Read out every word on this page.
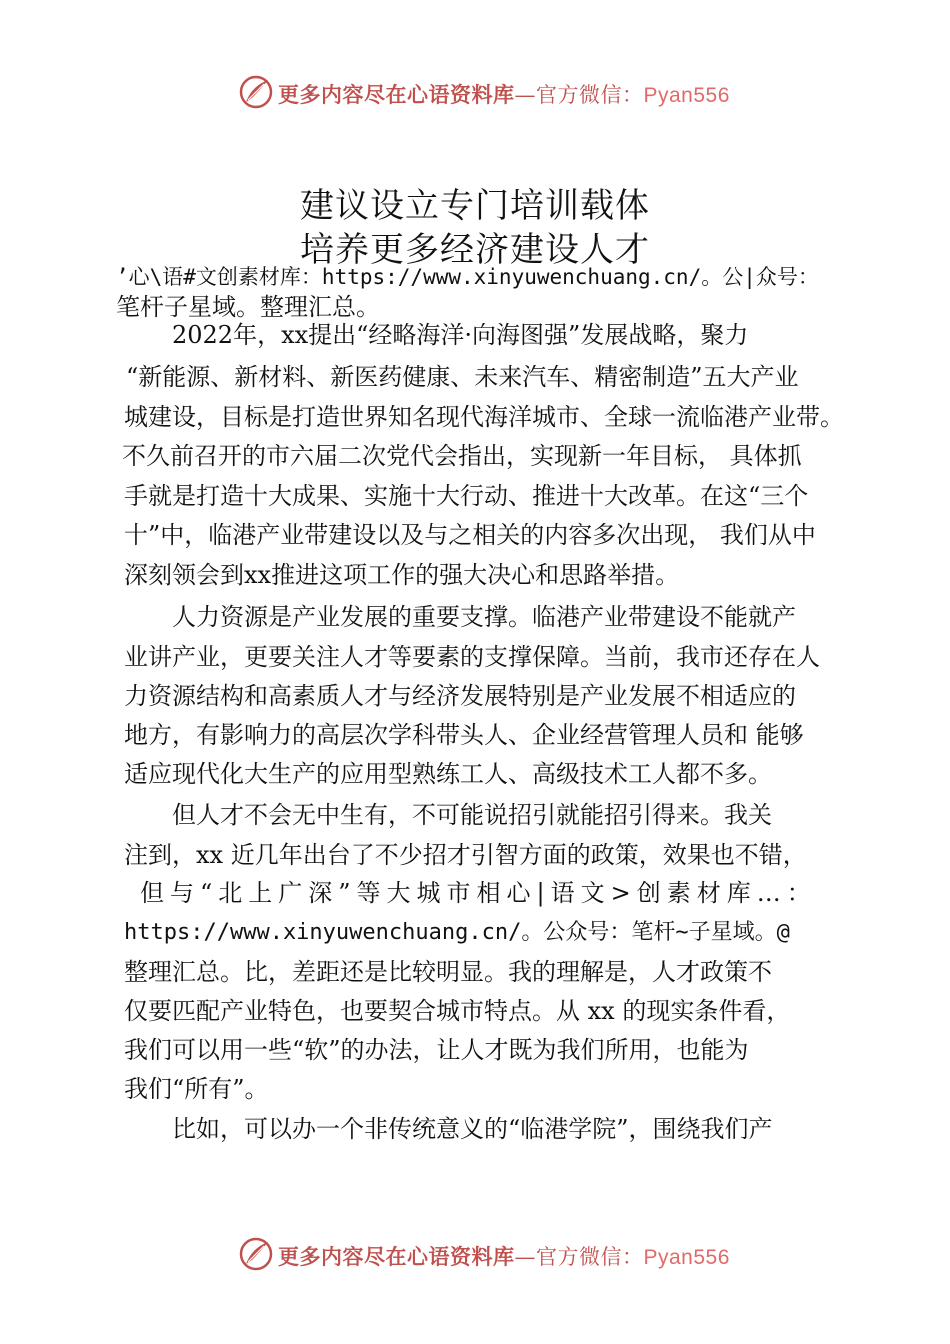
更多内容尽在心语资料库—官方微信：Pyan556
建议设立专门培训载体
培养更多经济建设人才
’心\语#文创素材库：https://www.xinyuwenchuang.cn/。公|众号：
笔杆子星域。整理汇总。
2022年，xx提出“经略海洋·向海图强”发展战略，聚力
“新能源、新材料、新医药健康、未来汽车、精密制造”五大产业
城建设，目标是打造世界知名现代海洋城市、全球一流临港产业带。
不久前召开的市六届二次党代会指出，实现新一年目标， 具体抓
手就是打造十大成果、实施十大行动、推进十大改革。在这“三个
十”中，临港产业带建设以及与之相关的内容多次出现， 我们从中
深刻领会到xx推进这项工作的强大决心和思路举措。
人力资源是产业发展的重要支撑。临港产业带建设不能就产
业讲产业，更要关注人才等要素的支撑保障。当前，我市还存在人
力资源结构和高素质人才与经济发展特别是产业发展不相适应的
地方，有影响力的高层次学科带头人、企业经营管理人员和 能够
适应现代化大生产的应用型熟练工人、高级技术工人都不多。
但人才不会无中生有，不可能说招引就能招引得来。我关
注到，xx 近几年出台了不少招才引智方面的政策，效果也不错，
但与“北上广深”等大城市相心|语文>创素材库…：
https://www.xinyuwenchuang.cn/。公众号：笔杆~子星域。@
整理汇总。比，差距还是比较明显。我的理解是，人才政策不
仅要匹配产业特色，也要契合城市特点。从 xx 的现实条件看，
我们可以用一些“软”的办法，让人才既为我们所用，也能为
我们“所有”。
比如，可以办一个非传统意义的“临港学院”，围绕我们产
更多内容尽在心语资料库—官方微信：Pyan556
